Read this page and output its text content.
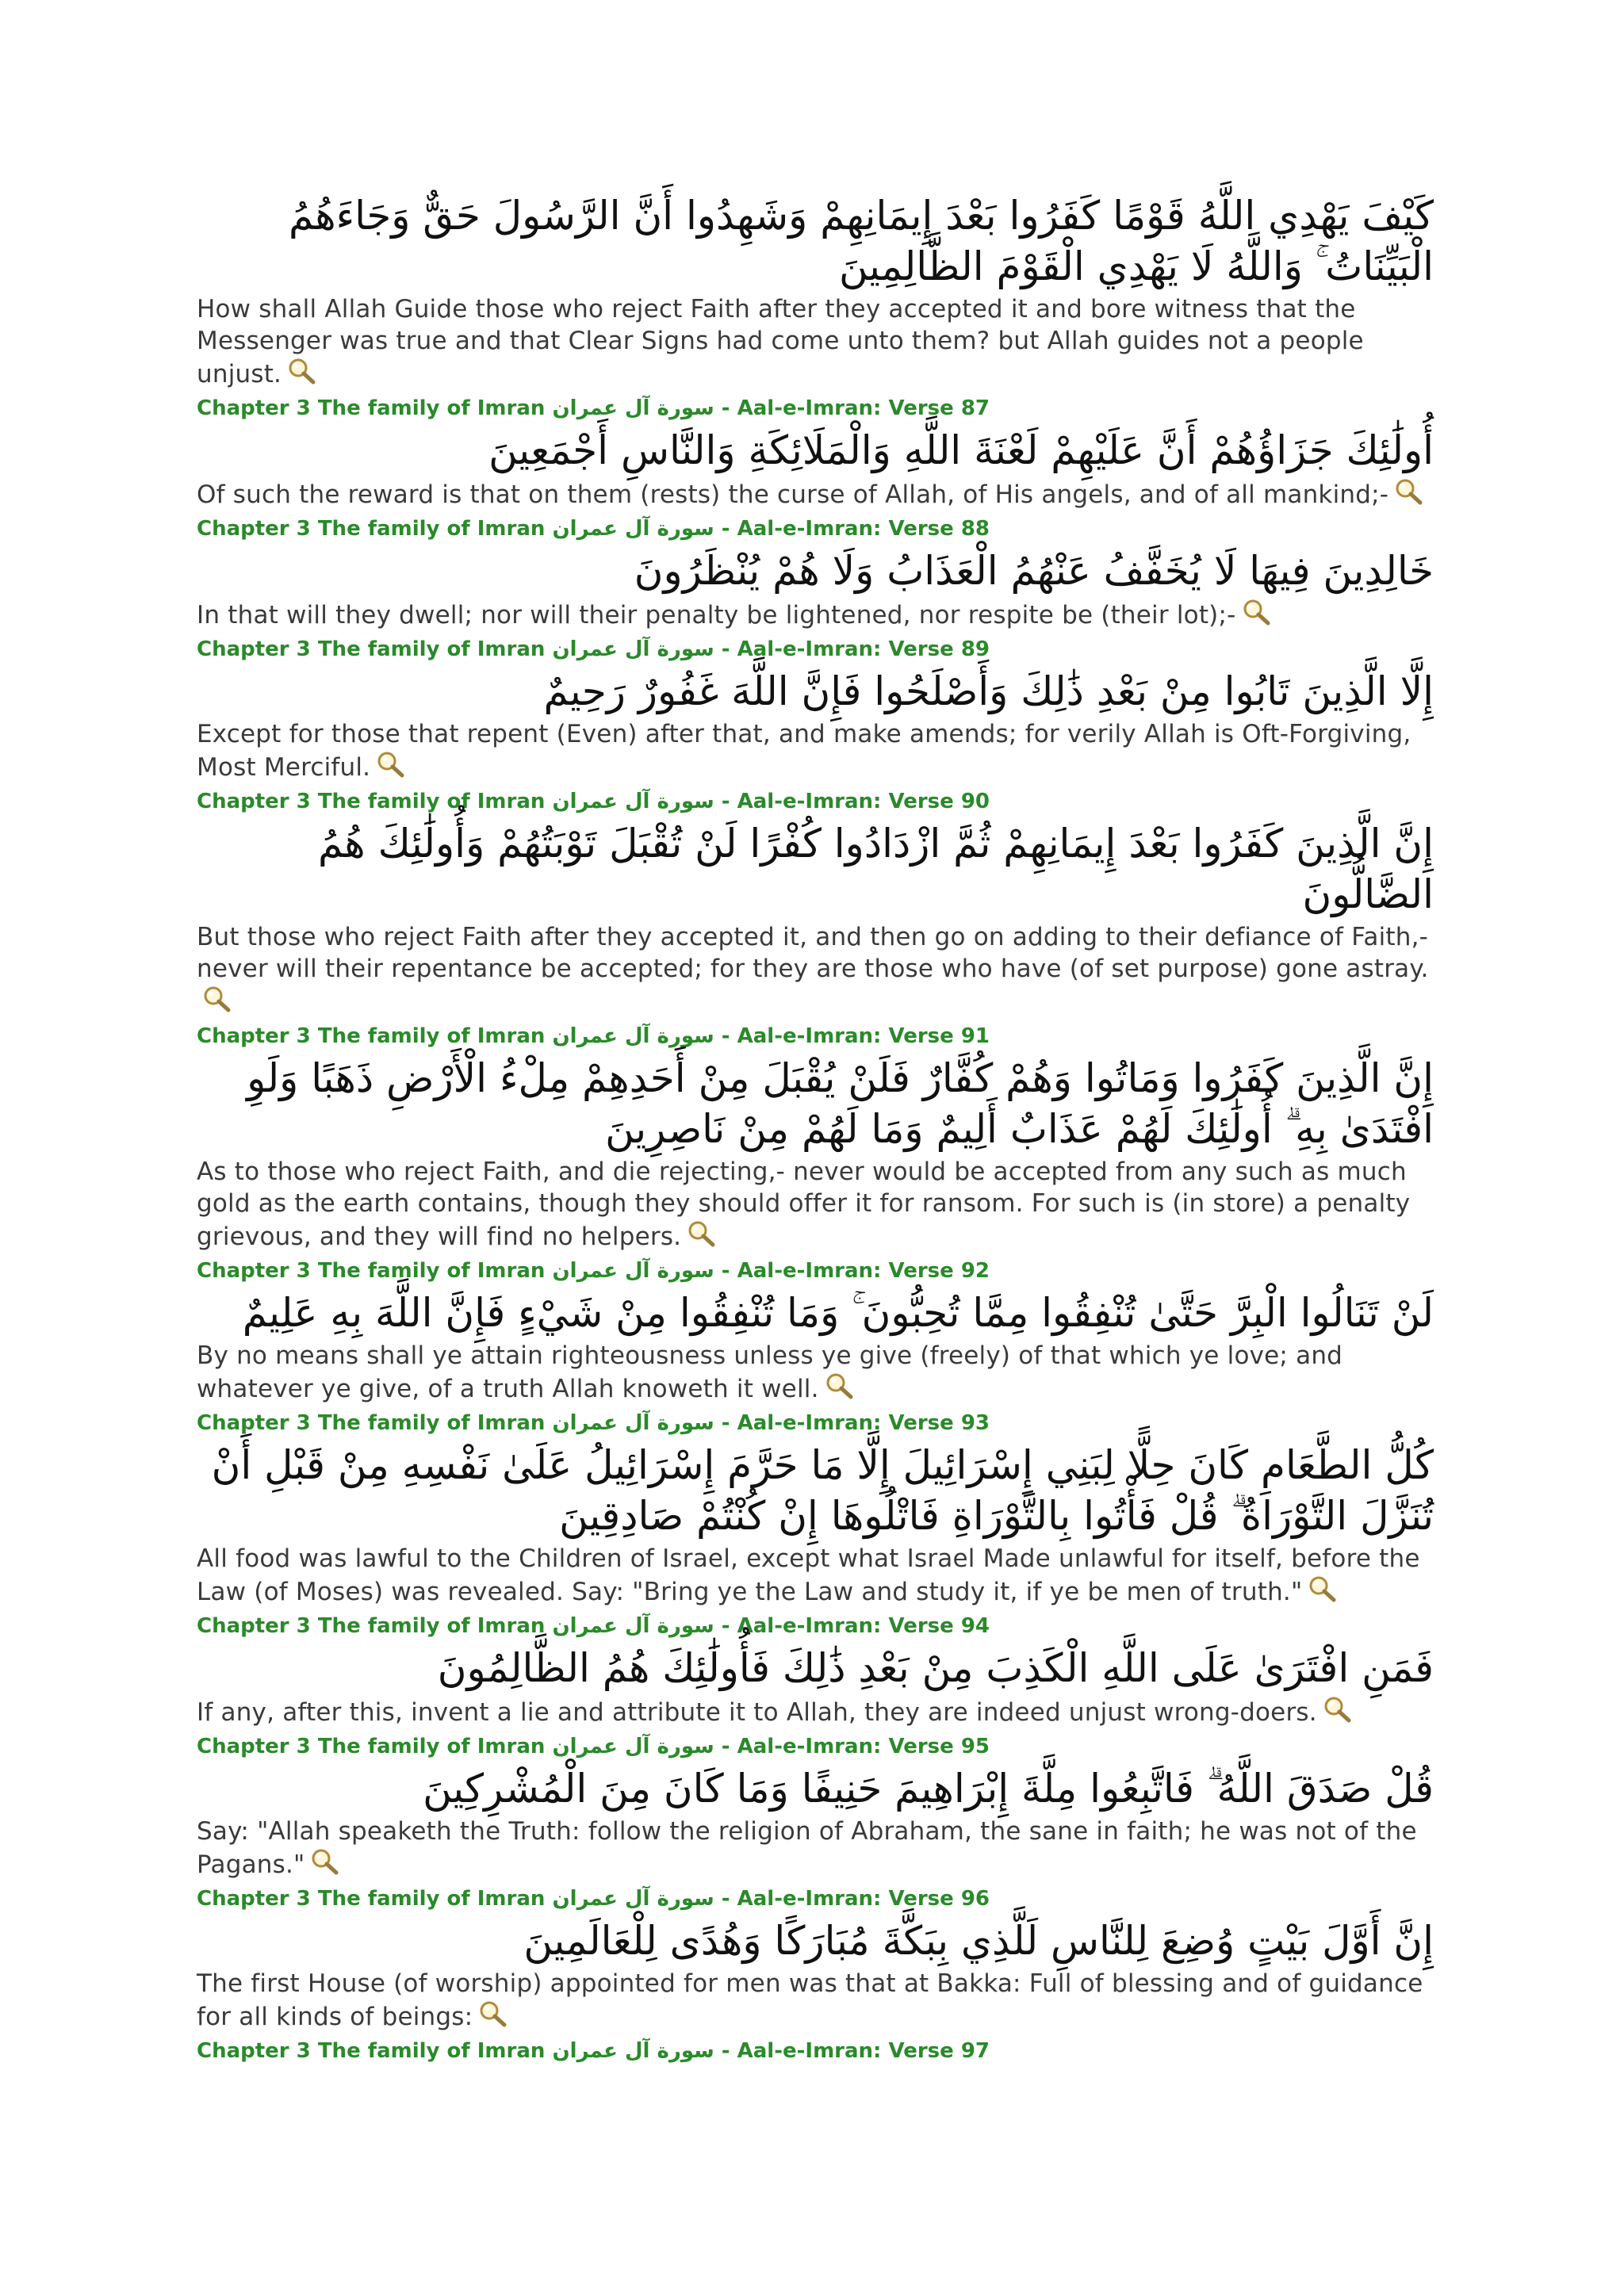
كَيْفَ يَهْدِي اللَّهُ قَوْمًا كَفَرُوا بَعْدَ إِيمَانِهِمْ وَشَهِدُوا أَنَّ الرَّسُولَ حَقٌّ وَجَاءَهُمُ الْبَيِّنَاتُ ۚ وَاللَّهُ لَا يَهْدِي الْقَوْمَ الظَّالِمِينَ

How shall Allah Guide those who reject Faith after they accepted it and bore witness that the Messenger was true and that Clear Signs had come unto them? but Allah guides not a people unjust.

Chapter 3 The family of Imran سورة آل عمران - Aal-e-Imran: Verse 87

أُولَٰئِكَ جَزَاؤُهُمْ أَنَّ عَلَيْهِمْ لَعْنَةَ اللَّهِ وَالْمَلَائِكَةِ وَالنَّاسِ أَجْمَعِينَ

Of such the reward is that on them (rests) the curse of Allah, of His angels, and of all mankind;-

Chapter 3 The family of Imran سورة آل عمران - Aal-e-Imran: Verse 88

خَالِدِينَ فِيهَا لَا يُخَفَّفُ عَنْهُمُ الْعَذَابُ وَلَا هُمْ يُنْظَرُونَ

In that will they dwell; nor will their penalty be lightened, nor respite be (their lot);-

Chapter 3 The family of Imran سورة آل عمران - Aal-e-Imran: Verse 89

إِلَّا الَّذِينَ تَابُوا مِنْ بَعْدِ ذَٰلِكَ وَأَصْلَحُوا فَإِنَّ اللَّهَ غَفُورٌ رَحِيمٌ

Except for those that repent (Even) after that, and make amends; for verily Allah is Oft-Forgiving, Most Merciful.

Chapter 3 The family of Imran سورة آل عمران - Aal-e-Imran: Verse 90

إِنَّ الَّذِينَ كَفَرُوا بَعْدَ إِيمَانِهِمْ ثُمَّ ازْدَادُوا كُفْرًا لَنْ تُقْبَلَ تَوْبَتُهُمْ وَأُولَٰئِكَ هُمُ الضَّالُّونَ

But those who reject Faith after they accepted it, and then go on adding to their defiance of Faith,- never will their repentance be accepted; for they are those who have (of set purpose) gone astray.

Chapter 3 The family of Imran سورة آل عمران - Aal-e-Imran: Verse 91

إِنَّ الَّذِينَ كَفَرُوا وَمَاتُوا وَهُمْ كُفَّارٌ فَلَنْ يُقْبَلَ مِنْ أَحَدِهِمْ مِلْءُ الْأَرْضِ ذَهَبًا وَلَوِ افْتَدَىٰ بِهِ ۗ أُولَٰئِكَ لَهُمْ عَذَابٌ أَلِيمٌ وَمَا لَهُمْ مِنْ نَاصِرِينَ

As to those who reject Faith, and die rejecting,- never would be accepted from any such as much gold as the earth contains, though they should offer it for ransom. For such is (in store) a penalty grievous, and they will find no helpers.

Chapter 3 The family of Imran سورة آل عمران - Aal-e-Imran: Verse 92

لَنْ تَنَالُوا الْبِرَّ حَتَّىٰ تُنْفِقُوا مِمَّا تُحِبُّونَ ۚ وَمَا تُنْفِقُوا مِنْ شَيْءٍ فَإِنَّ اللَّهَ بِهِ عَلِيمٌ

By no means shall ye attain righteousness unless ye give (freely) of that which ye love; and whatever ye give, of a truth Allah knoweth it well.

Chapter 3 The family of Imran سورة آل عمران - Aal-e-Imran: Verse 93

كُلُّ الطَّعَامِ كَانَ حِلًّا لِبَنِي إِسْرَائِيلَ إِلَّا مَا حَرَّمَ إِسْرَائِيلُ عَلَىٰ نَفْسِهِ مِنْ قَبْلِ أَنْ تُنَزَّلَ التَّوْرَاةُ ۗ قُلْ فَأْتُوا بِالتَّوْرَاةِ فَاتْلُوهَا إِنْ كُنْتُمْ صَادِقِينَ

All food was lawful to the Children of Israel, except what Israel Made unlawful for itself, before the Law (of Moses) was revealed. Say: "Bring ye the Law and study it, if ye be men of truth."

Chapter 3 The family of Imran سورة آل عمران - Aal-e-Imran: Verse 94

فَمَنِ افْتَرَىٰ عَلَى اللَّهِ الْكَذِبَ مِنْ بَعْدِ ذَٰلِكَ فَأُولَٰئِكَ هُمُ الظَّالِمُونَ

If any, after this, invent a lie and attribute it to Allah, they are indeed unjust wrong-doers.

Chapter 3 The family of Imran سورة آل عمران - Aal-e-Imran: Verse 95

قُلْ صَدَقَ اللَّهُ ۗ فَاتَّبِعُوا مِلَّةَ إِبْرَاهِيمَ حَنِيفًا وَمَا كَانَ مِنَ الْمُشْرِكِينَ

Say: "Allah speaketh the Truth: follow the religion of Abraham, the sane in faith; he was not of the Pagans."

Chapter 3 The family of Imran سورة آل عمران - Aal-e-Imran: Verse 96

إِنَّ أَوَّلَ بَيْتٍ وُضِعَ لِلنَّاسِ لَلَّذِي بِبَكَّةَ مُبَارَكًا وَهُدًى لِلْعَالَمِينَ

The first House (of worship) appointed for men was that at Bakka: Full of blessing and of guidance for all kinds of beings:

Chapter 3 The family of Imran سورة آل عمران - Aal-e-Imran: Verse 97
